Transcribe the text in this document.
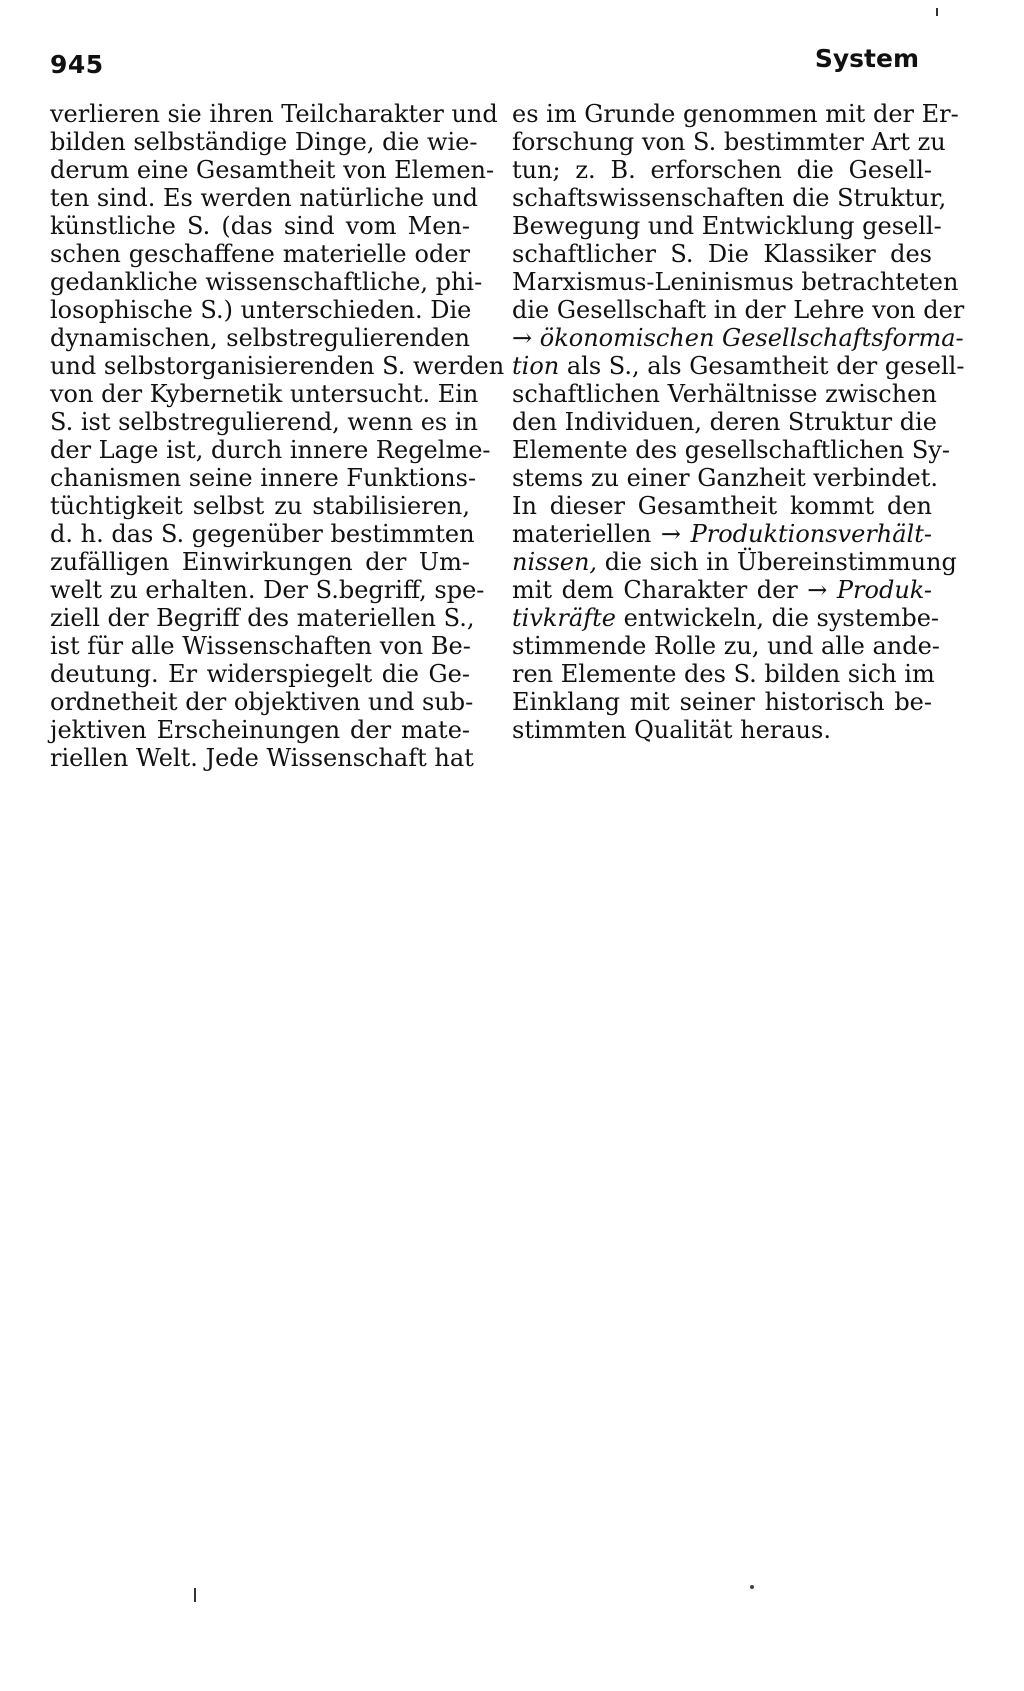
945	System
verlieren sie ihren Teilcharakter und
bilden selbständige Dinge, die wie-
derum eine Gesamtheit von Elemen-
ten sind. Es werden natürliche und
künstliche S. (das sind vom Men-
schen geschaffene materielle oder
gedankliche wissenschaftliche, phi-
losophische S.) unterschieden. Die
dynamischen, selbstregulierenden
und selbstorganisierenden S. werden
von der Kybernetik untersucht. Ein
S. ist selbstregulierend, wenn es in
der Lage ist, durch innere Regelme-
chanismen seine innere Funktions-
tüchtigkeit selbst zu stabilisieren,
d. h. das S. gegenüber bestimmten
zufälligen Einwirkungen der Um-
welt zu erhalten. Der S.begriff, spe-
ziell der Begriff des materiellen S.,
ist für alle Wissenschaften von Be-
deutung. Er widerspiegelt die Ge-
ordnetheit der objektiven und sub-
jektiven Erscheinungen der mate-
riellen Welt. Jede Wissenschaft hat
es im Grunde genommen mit der Er-
forschung von S. bestimmter Art zu
tun; z. B. erforschen die Gesell-
schaftswissenschaften die Struktur,
Bewegung und Entwicklung gesell-
schaftlicher S. Die Klassiker des
Marxismus-Leninismus betrachteten
die Gesellschaft in der Lehre von der
→ ökonomischen Gesellschaftsforma-
tion als S., als Gesamtheit der gesell-
schaftlichen Verhältnisse zwischen
den Individuen, deren Struktur die
Elemente des gesellschaftlichen Sy-
stems zu einer Ganzheit verbindet.
In dieser Gesamtheit kommt den
materiellen → Produktionsverhält-
nissen, die sich in Übereinstimmung
mit dem Charakter der → Produk-
tivkräfte entwickeln, die systembe-
stimmende Rolle zu, und alle ande-
ren Elemente des S. bilden sich im
Einklang mit seiner historisch be-
stimmten Qualität heraus.
